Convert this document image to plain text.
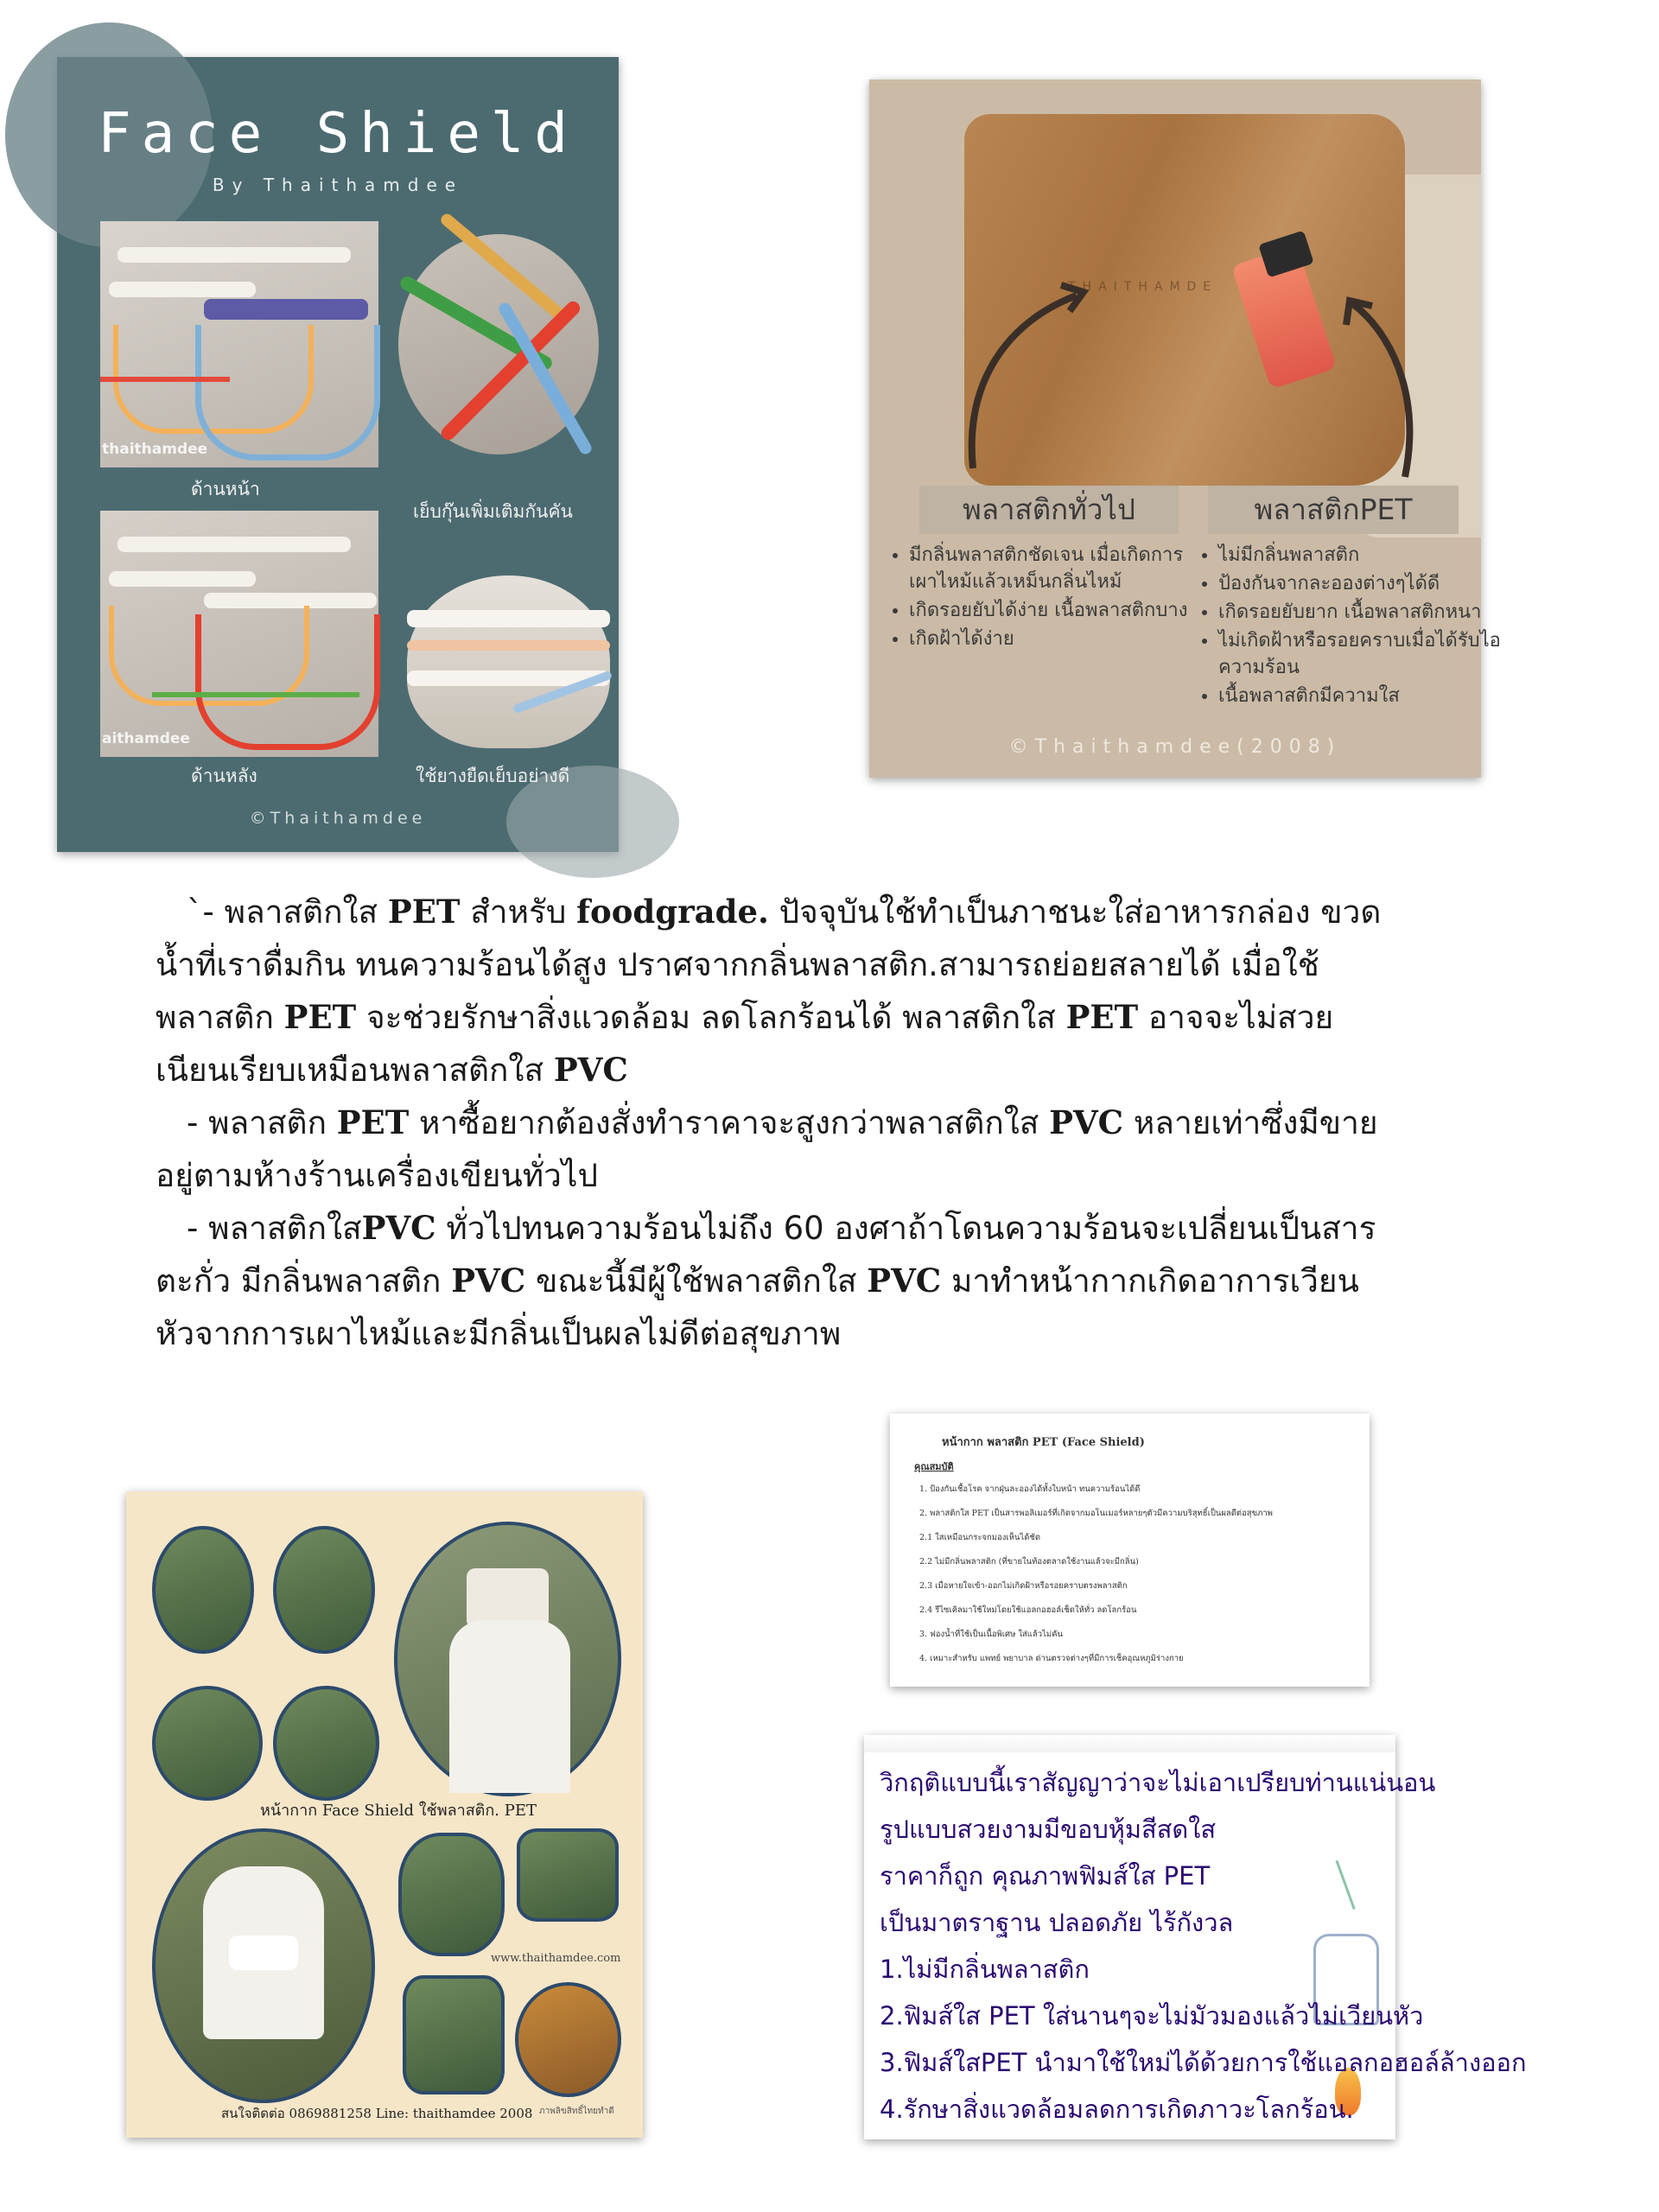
Face Shield
By Thaithamdee
thaithamdee
ด้านหน้า
เย็บกุ๊นเพิ่มเติมกันคัน
aithamdee
ด้านหลัง	ใช้ยางยืดเย็บอย่างดี
©Thaithamdee
THAITHAMDE
พลาสติกทั่วไป	พลาสติกPET
• มีกลิ่นพลาสติกชัดเจน เมื่อเกิดการเผาไหม้แล้วเหม็นกลิ่นไหม้
• เกิดรอยยับได้ง่าย เนื้อพลาสติกบาง
• เกิดฝ้าได้ง่าย
• ไม่มีกลิ่นพลาสติก
• ป้องกันจากละอองต่างๆได้ดี
• เกิดรอยยับยาก เนื้อพลาสติกหนา
• ไม่เกิดฝ้าหรือรอยคราบเมื่อได้รับไอความร้อน
• เนื้อพลาสติกมีความใส
©Thaithamdee(2008)

`- พลาสติกใส PET สำหรับ foodgrade. ปัจจุบันใช้ทำเป็นภาชนะใส่อาหารกล่อง ขวดน้ำที่เราดื่มกิน ทนความร้อนได้สูง ปราศจากกลิ่นพลาสติก.สามารถย่อยสลายได้ เมื่อใช้ พลาสติก PET จะช่วยรักษาสิ่งแวดล้อม ลดโลกร้อนได้ พลาสติกใส PET อาจจะไม่สวยเนียนเรียบเหมือนพลาสติกใส PVC

- พลาสติก PET หาซื้อยากต้องสั่งทำราคาจะสูงกว่าพลาสติกใส PVC หลายเท่าซึ่งมีขายอยู่ตามห้างร้านเครื่องเขียนทั่วไป

- พลาสติกใสPVC ทั่วไปทนความร้อนไม่ถึง 60 องศาถ้าโดนความร้อนจะเปลี่ยนเป็นสารตะกั่ว มีกลิ่นพลาสติก PVC ขณะนี้มีผู้ใช้พลาสติกใส PVC มาทำหน้ากากเกิดอาการเวียนหัวจากการเผาไหม้และมีกลิ่นเป็นผลไม่ดีต่อสุขภาพ

หน้ากาก พลาสติก PET (Face Shield)
คุณสมบัติ
1. ป้องกันเชื้อโรค จากฝุ่นละอองได้ทั้งใบหน้า ทนความร้อนได้ดี
2. พลาสติกใส PET เป็นสารพอลิเมอร์ที่เกิดจากมอโนเมอร์หลายๆตัวมีความบริสุทธิ์เป็นผลดีต่อสุขภาพ
2.1 ใสเหมือนกระจกมองเห็นได้ชัด
2.2 ไม่มีกลิ่นพลาสติก (ที่ขายในท้องตลาดใช้งานแล้วจะมีกลิ่น)
2.3 เมื่อหายใจเข้า-ออกไม่เกิดฝ้าหรือรอยคราบตรงพลาสติก
2.4 รีไซเคิลมาใช้ใหม่โดยใช้แอลกอฮอล์เช็ดให้ทั่ว ลดโลกร้อน
3. ฟองน้ำที่ใช้เป็นเนื้อพิเศษ ใส่แล้วไม่คัน
4. เหมาะสำหรับ แพทย์ พยาบาล ด่านตรวจต่างๆที่มีการเช็คอุณหภูมิร่างกาย
หน้ากาก Face Shield ใช้พลาสติก. PET
www.thaithamdee.com
สนใจติดต่อ 0869881258 Line: thaithamdee 2008 ภาพลิขสิทธิ์ไทยทำดี
วิกฤติแบบนี้เราสัญญาว่าจะไม่เอาเปรียบท่านแน่นอน
รูปแบบสวยงามมีขอบหุ้มสีสดใส
ราคาก็ถูก คุณภาพฟิมส์ใส PET
เป็นมาตราฐาน ปลอดภัย ไร้กังวล
1.ไม่มีกลิ่นพลาสติก
2.ฟิมส์ใส PET ใส่นานๆจะไม่มัวมองแล้วไม่เวียนหัว
3.ฟิมส์ใสPET นำมาใช้ใหม่ได้ด้วยการใช้แอลกอฮอล์ล้างออก
4.รักษาสิ่งแวดล้อมลดการเกิดภาวะโลกร้อน.
